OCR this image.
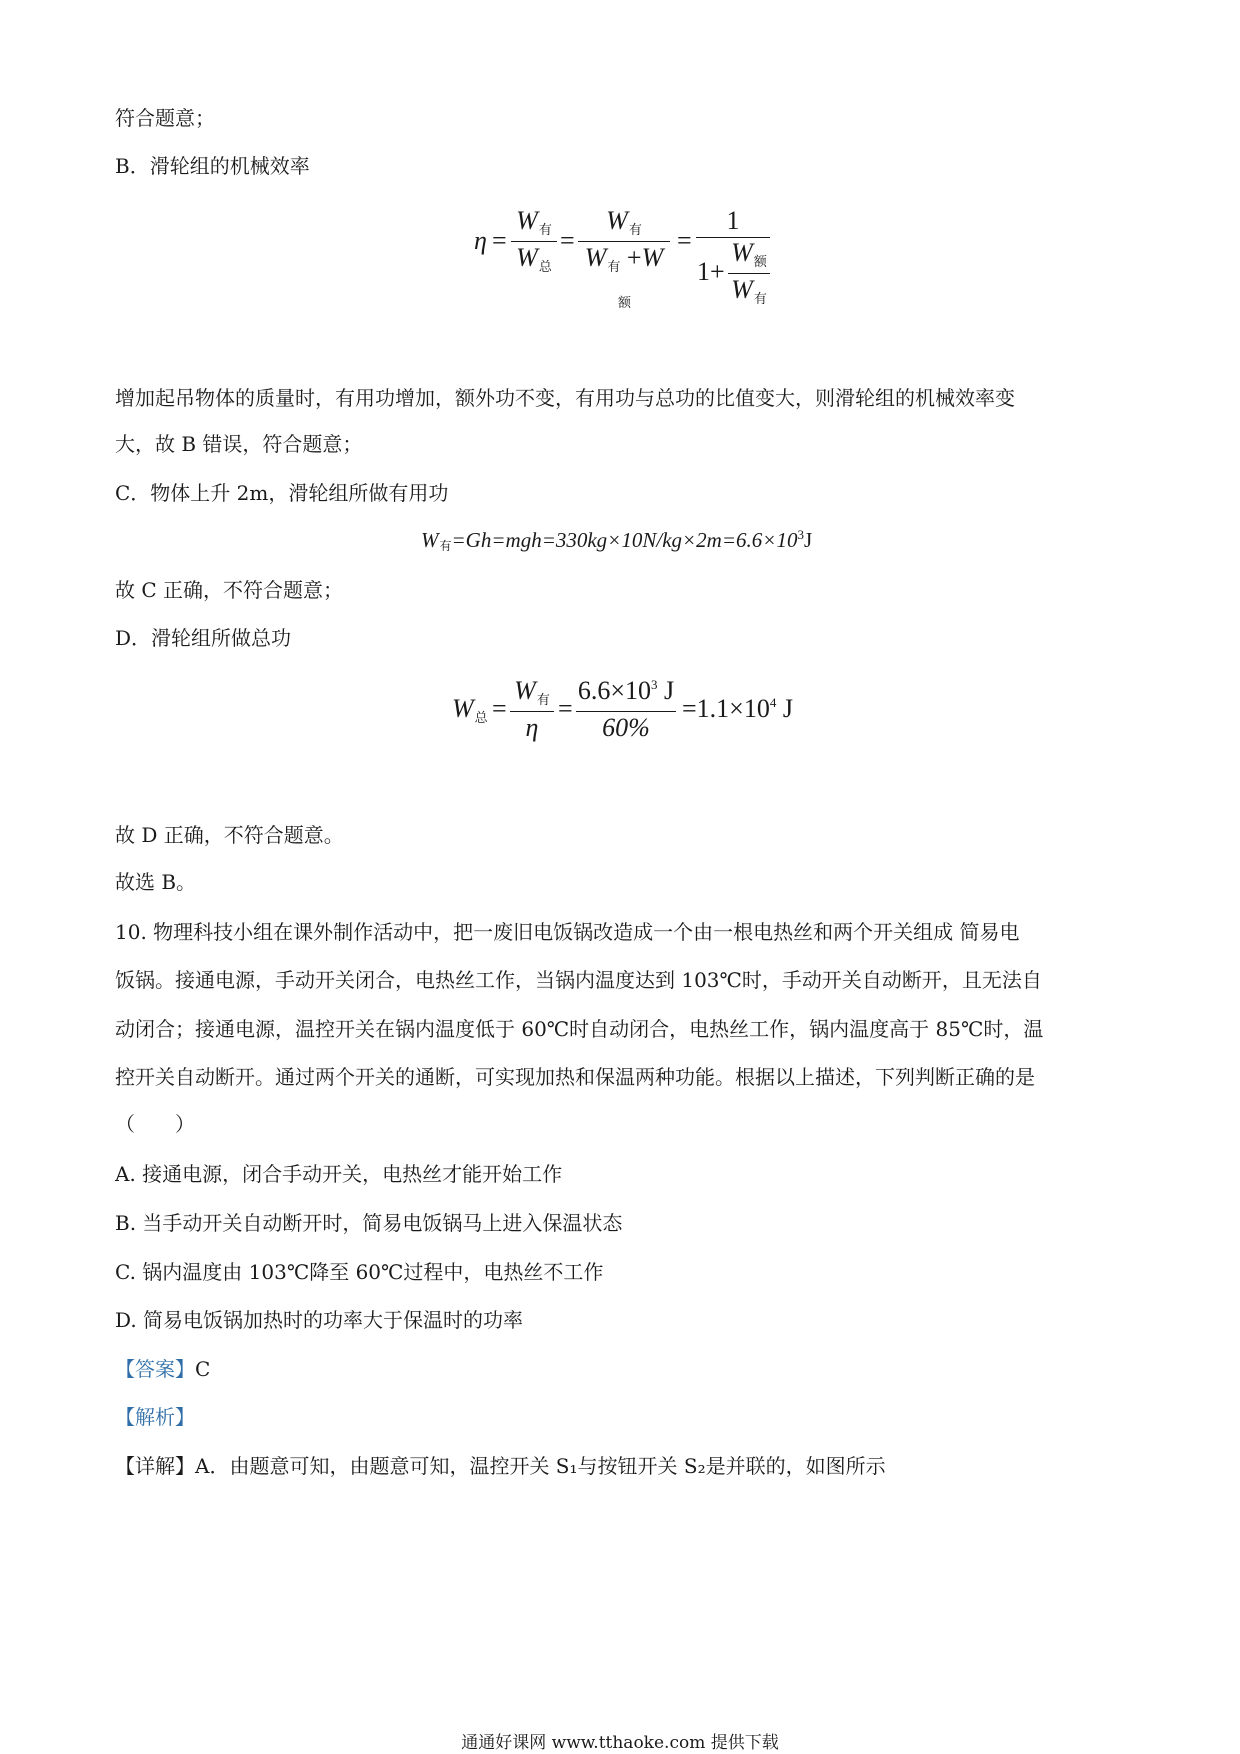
符合题意；
B．滑轮组的机械效率
η =
W有
W总
=
W有
W有 +W额
=
1
1+
W额
W有
增加起吊物体的质量时，有用功增加，额外功不变，有用功与总功的比值变大，则滑轮组的机械效率变
大，故 B 错误，符合题意；
C．物体上升 2m，滑轮组所做有用功
W有$=Gh=mgh=330kg\times 10N/kg\times 2m=6.6\times 10^3J$
故 C 正确，不符合题意；
D．滑轮组所做总功
W总 =
W有
η
=
$6.6\times 10^3$ J
60%
$=1.1\times 10^4$ J
故 D 正确，不符合题意。
故选 B。
10. 物理科技小组在课外制作活动中，把一废旧电饭锅改造成一个由一根电热丝和两个开关组成 简易电
饭锅。接通电源，手动开关闭合，电热丝工作，当锅内温度达到 103℃时，手动开关自动断开，且无法自
动闭合；接通电源，温控开关在锅内温度低于 60℃时自动闭合，电热丝工作，锅内温度高于 85℃时，温
控开关自动断开。通过两个开关的通断，可实现加热和保温两种功能。根据以上描述，下列判断正确的是
（　　）
A. 接通电源，闭合手动开关，电热丝才能开始工作
B. 当手动开关自动断开时，简易电饭锅马上进入保温状态
C. 锅内温度由 103℃降至 60℃过程中，电热丝不工作
D. 简易电饭锅加热时的功率大于保温时的功率
【答案】C
【解析】
【详解】A．由题意可知，由题意可知，温控开关 S₁与按钮开关 S₂是并联的，如图所示
通通好课网 www.tthaoke.com 提供下载
